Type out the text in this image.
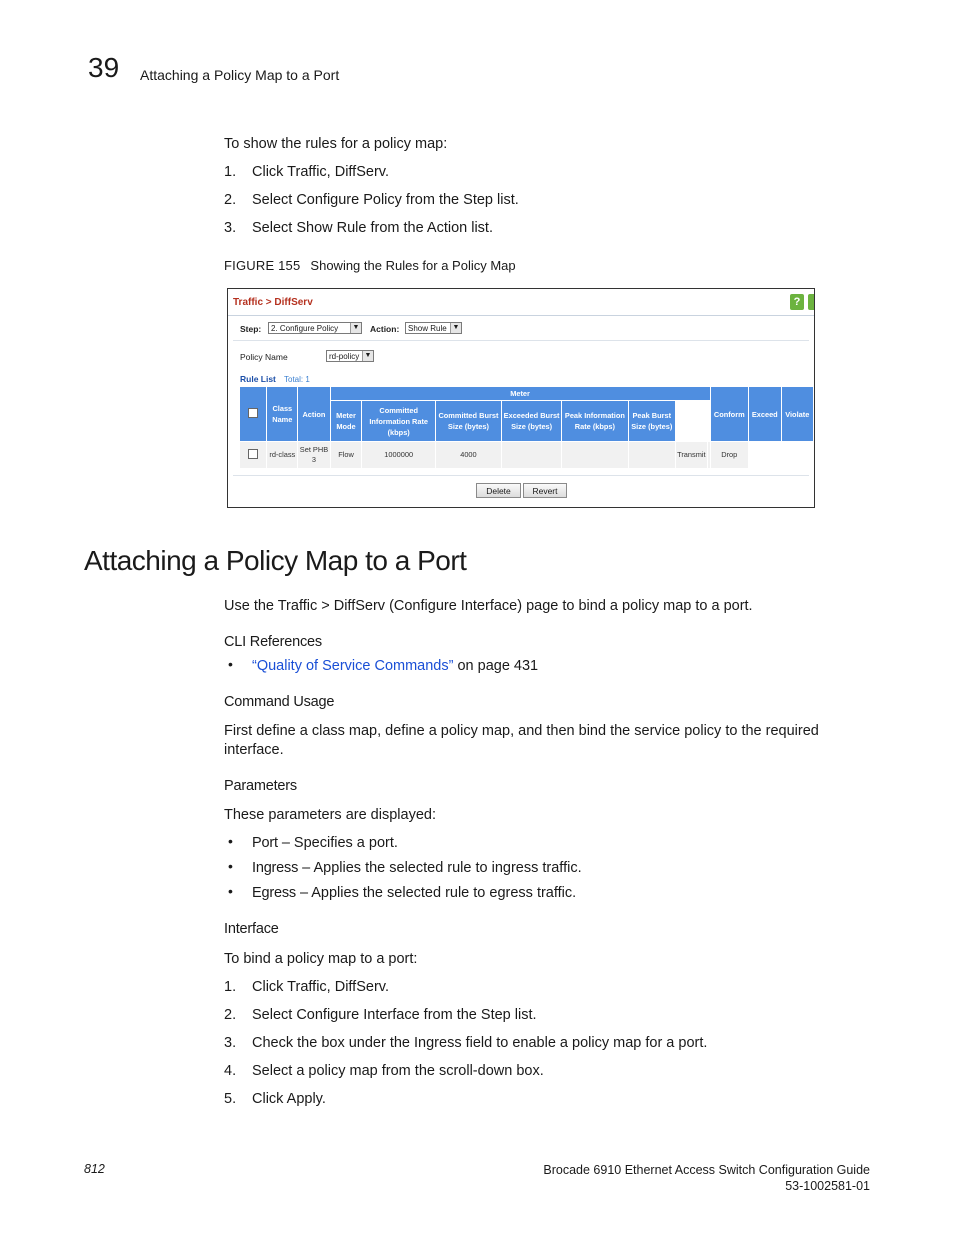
39 Attaching a Policy Map to a Port
To show the rules for a policy map:
1. Click Traffic, DiffServ.
2. Select Configure Policy from the Step list.
3. Select Show Rule from the Action list.
FIGURE 155 Showing the Rules for a Policy Map
Traffic > DiffServ	?
Step:	2. Configure Policy	▼ Action:	Show Rule ▼
Policy Name	rd-policy ▼
Rule List Total: 1
	Class Name	Action	Meter								Conform	Exceed	Violate
			Meter Mode	Committed Information Rate (kbps)	Committed Burst Size (bytes)	Exceeded Burst Size (bytes)	Peak Information Rate (kbps)	Peak Burst Size (bytes)					
	rd-class	Set PHB 3	Flow	1000000	4000				Transmit		Drop		
Delete	Revert
Attaching a Policy Map to a Port
Use the Traffic > DiffServ (Configure Interface) page to bind a policy map to a port.
CLI References
• “Quality of Service Commands” on page 431
Command Usage
First define a class map, define a policy map, and then bind the service policy to the required
interface.
Parameters
These parameters are displayed:
• Port – Specifies a port.
• Ingress – Applies the selected rule to ingress traffic.
• Egress – Applies the selected rule to egress traffic.
Interface
To bind a policy map to a port:
1. Click Traffic, DiffServ.
2. Select Configure Interface from the Step list.
3. Check the box under the Ingress field to enable a policy map for a port.
4. Select a policy map from the scroll-down box.
5. Click Apply.
812	Brocade 6910 Ethernet Access Switch Configuration Guide
53-1002581-01
